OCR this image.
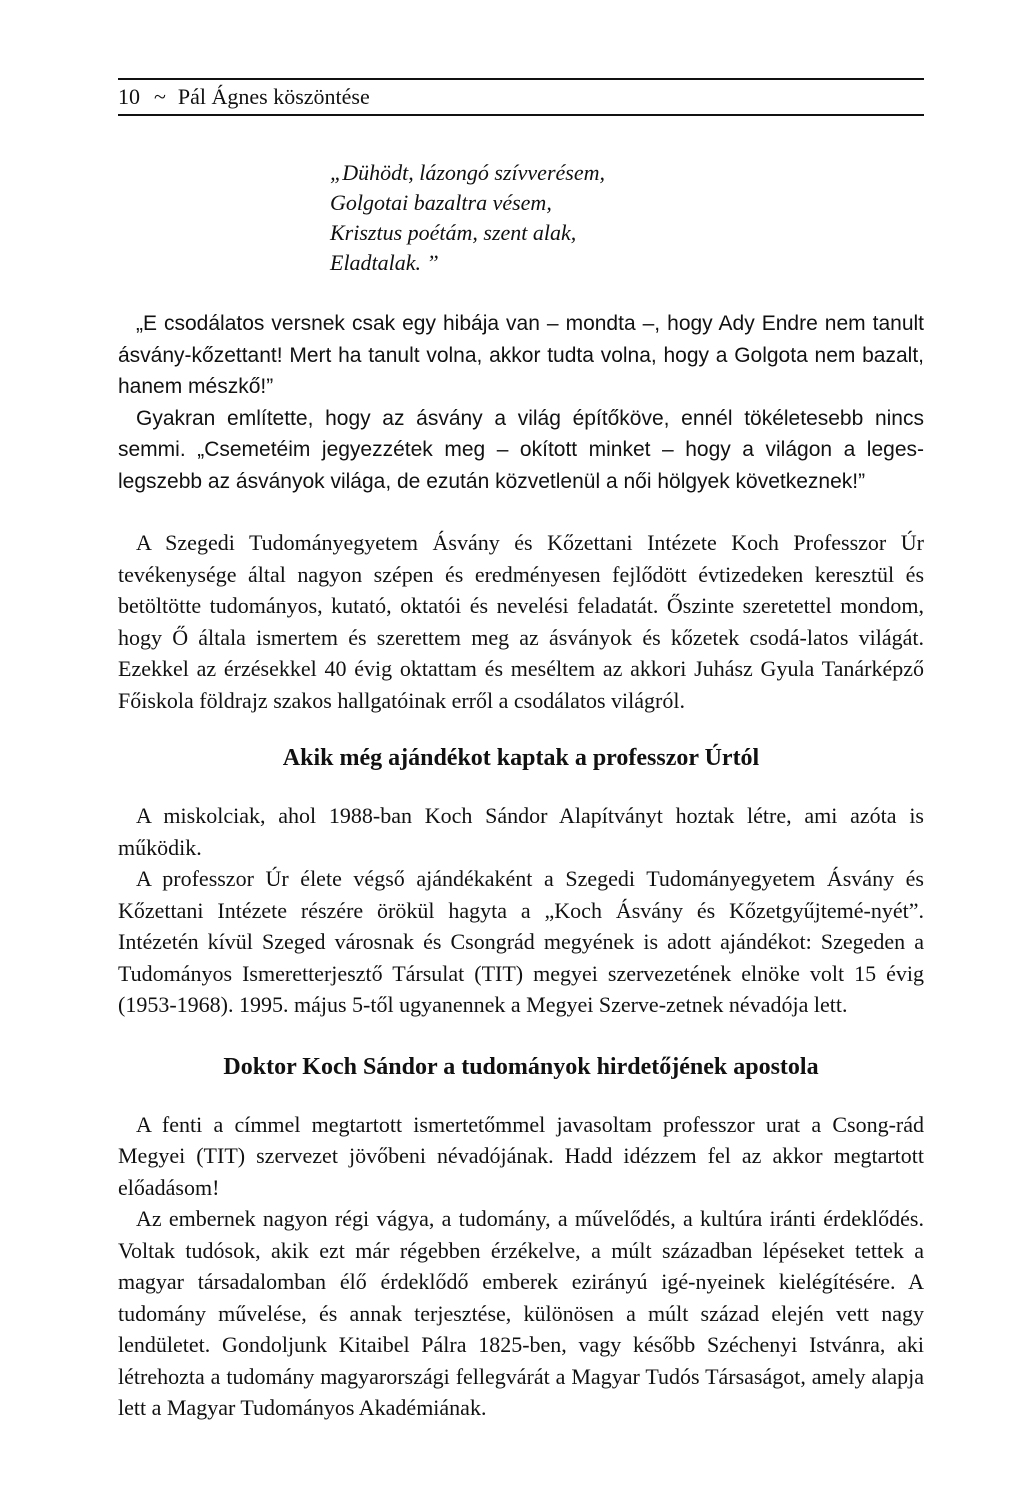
10 ~ Pál Ágnes köszöntése
„Dühödt, lázongó szívverésem,
Golgotai bazaltra vésem,
Krisztus poétám, szent alak,
Eladtalak. ”

„E csodálatos versnek csak egy hibája van – mondta –, hogy Ady Endre nem tanult ásvány-kőzettant! Mert ha tanult volna, akkor tudta volna, hogy a Golgota nem bazalt, hanem mészkő!”

Gyakran említette, hogy az ásvány a világ építőköve, ennél tökéletesebb nincs semmi. „Csemetéim jegyezzétek meg – okított minket – hogy a világon a leges-legszebb az ásványok világa, de ezután közvetlenül a női hölgyek következnek!”

A Szegedi Tudományegyetem Ásvány és Kőzettani Intézete Koch Professzor Úr tevékenysége által nagyon szépen és eredményesen fejlődött évtizedeken keresztül és betöltötte tudományos, kutató, oktatói és nevelési feladatát. Őszinte szeretettel mondom, hogy Ő általa ismertem és szerettem meg az ásványok és kőzetek csodá-latos világát. Ezekkel az érzésekkel 40 évig oktattam és meséltem az akkori Juhász Gyula Tanárképző Főiskola földrajz szakos hallgatóinak erről a csodálatos világról.

Akik még ajándékot kaptak a professzor Úrtól

A miskolciak, ahol 1988-ban Koch Sándor Alapítványt hoztak létre, ami azóta is működik.

A professzor Úr élete végső ajándékaként a Szegedi Tudományegyetem Ásvány és Kőzettani Intézete részére örökül hagyta a „Koch Ásvány és Kőzetgyűjtemé-nyét”. Intézetén kívül Szeged városnak és Csongrád megyének is adott ajándékot: Szegeden a Tudományos Ismeretterjesztő Társulat (TIT) megyei szervezetének elnöke volt 15 évig (1953-1968). 1995. május 5-től ugyanennek a Megyei Szerve-zetnek névadója lett.

Doktor Koch Sándor a tudományok hirdetőjének apostola

A fenti a címmel megtartott ismertetőmmel javasoltam professzor urat a Csong-rád Megyei (TIT) szervezet jövőbeni névadójának. Hadd idézzem fel az akkor megtartott előadásom!

Az embernek nagyon régi vágya, a tudomány, a művelődés, a kultúra iránti érdeklődés. Voltak tudósok, akik ezt már régebben érzékelve, a múlt században lépéseket tettek a magyar társadalomban élő érdeklődő emberek ezirányú igé-nyeinek kielégítésére. A tudomány művelése, és annak terjesztése, különösen a múlt század elején vett nagy lendületet. Gondoljunk Kitaibel Pálra 1825-ben, vagy később Széchenyi Istvánra, aki létrehozta a tudomány magyarországi fellegvárát a Magyar Tudós Társaságot, amely alapja lett a Magyar Tudományos Akadémiának.
